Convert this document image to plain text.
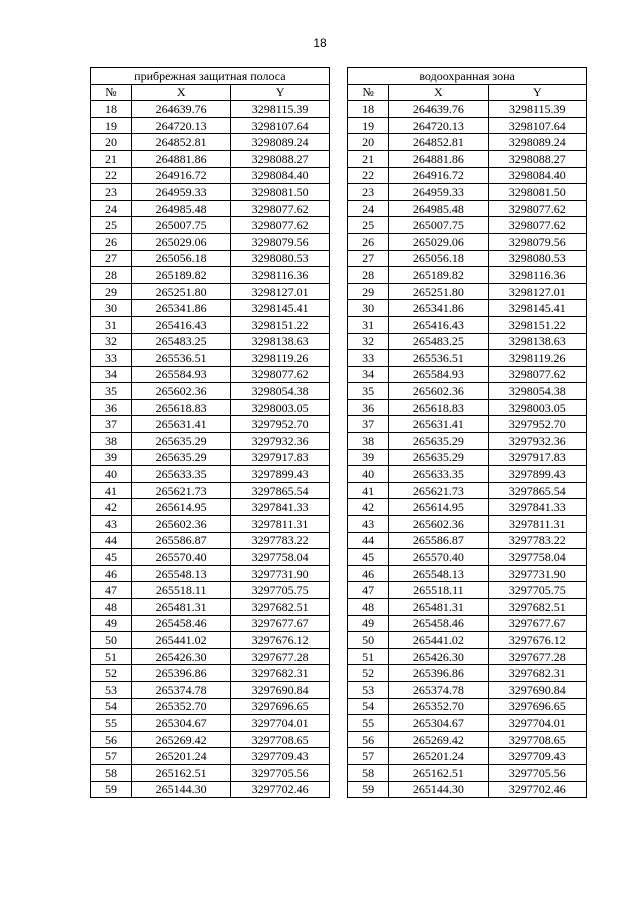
18
прибрежная защитная полоса				водоохранная зона		
№	X	Y		№	X	Y
18	264639.76	3298115.39		18	264639.76	3298115.39
19	264720.13	3298107.64		19	264720.13	3298107.64
20	264852.81	3298089.24		20	264852.81	3298089.24
21	264881.86	3298088.27		21	264881.86	3298088.27
22	264916.72	3298084.40		22	264916.72	3298084.40
23	264959.33	3298081.50		23	264959.33	3298081.50
24	264985.48	3298077.62		24	264985.48	3298077.62
25	265007.75	3298077.62		25	265007.75	3298077.62
26	265029.06	3298079.56		26	265029.06	3298079.56
27	265056.18	3298080.53		27	265056.18	3298080.53
28	265189.82	3298116.36		28	265189.82	3298116.36
29	265251.80	3298127.01		29	265251.80	3298127.01
30	265341.86	3298145.41		30	265341.86	3298145.41
31	265416.43	3298151.22		31	265416.43	3298151.22
32	265483.25	3298138.63		32	265483.25	3298138.63
33	265536.51	3298119.26		33	265536.51	3298119.26
34	265584.93	3298077.62		34	265584.93	3298077.62
35	265602.36	3298054.38		35	265602.36	3298054.38
36	265618.83	3298003.05		36	265618.83	3298003.05
37	265631.41	3297952.70		37	265631.41	3297952.70
38	265635.29	3297932.36		38	265635.29	3297932.36
39	265635.29	3297917.83		39	265635.29	3297917.83
40	265633.35	3297899.43		40	265633.35	3297899.43
41	265621.73	3297865.54		41	265621.73	3297865.54
42	265614.95	3297841.33		42	265614.95	3297841.33
43	265602.36	3297811.31		43	265602.36	3297811.31
44	265586.87	3297783.22		44	265586.87	3297783.22
45	265570.40	3297758.04		45	265570.40	3297758.04
46	265548.13	3297731.90		46	265548.13	3297731.90
47	265518.11	3297705.75		47	265518.11	3297705.75
48	265481.31	3297682.51		48	265481.31	3297682.51
49	265458.46	3297677.67		49	265458.46	3297677.67
50	265441.02	3297676.12		50	265441.02	3297676.12
51	265426.30	3297677.28		51	265426.30	3297677.28
52	265396.86	3297682.31		52	265396.86	3297682.31
53	265374.78	3297690.84		53	265374.78	3297690.84
54	265352.70	3297696.65		54	265352.70	3297696.65
55	265304.67	3297704.01		55	265304.67	3297704.01
56	265269.42	3297708.65		56	265269.42	3297708.65
57	265201.24	3297709.43		57	265201.24	3297709.43
58	265162.51	3297705.56		58	265162.51	3297705.56
59	265144.30	3297702.46		59	265144.30	3297702.46
